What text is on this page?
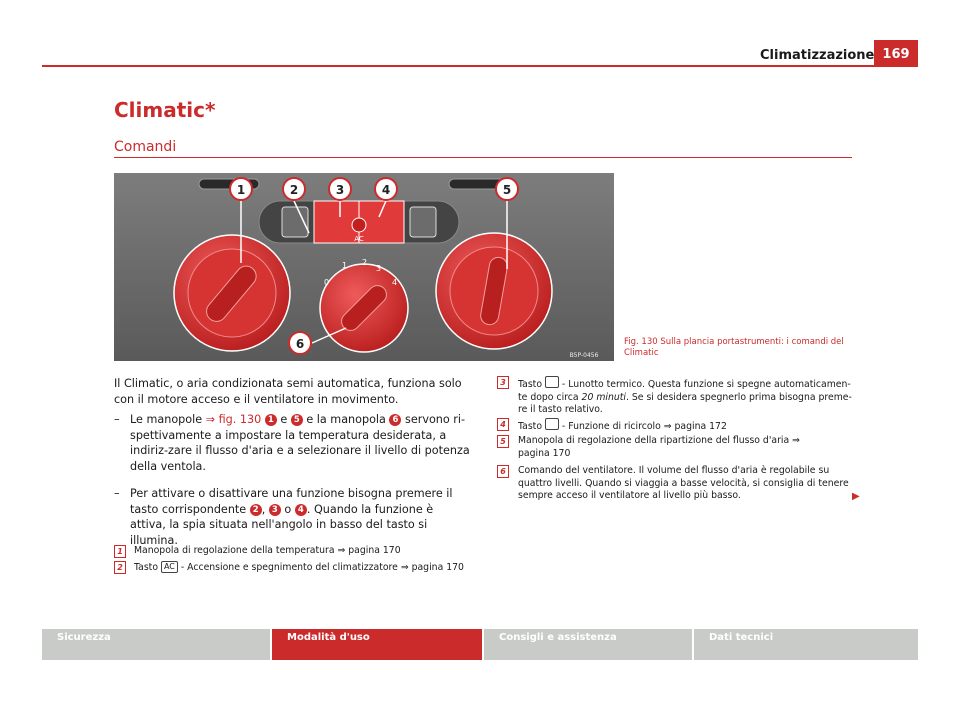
Climatizzazione 169
Climatic*
Comandi
AC
0
1 2
3
4
1	2	3	4	5
6
B5P-0456
Fig. 130 Sulla plancia portastrumenti: i comandi del Climatic
Il Climatic, o aria condizionata semi automatica, funziona solo con il motore acceso e il ventilatore in movimento.
– Le manopole ⇒ fig. 130 1 e 5 e la manopola 6 servono ri-spettivamente a impostare la temperatura desiderata, a indiriz-zare il flusso d'aria e a selezionare il livello di potenza della ventola.
– Per attivare o disattivare una funzione bisogna premere il tasto corrispondente 2 , 3 o 4 . Quando la funzione è attiva, la spia situata nell'angolo in basso del tasto si illumina.
1	Manopola di regolazione della temperatura ⇒ pagina 170
2	Tasto AC - Accensione e spegnimento del climatizzatore ⇒ pagina 170
3	Tasto  - Lunotto termico. Questa funzione si spegne automaticamen-te dopo circa 20 minuti. Se si desidera spegnerlo prima bisogna preme-re il tasto relativo.
4	Tasto  - Funzione di ricircolo ⇒ pagina 172
5	Manopola di regolazione della ripartizione del flusso d'aria ⇒ pagina 170
6	Comando del ventilatore. Il volume del flusso d'aria è regolabile su quattro livelli. Quando si viaggia a basse velocità, si consiglia di tenere sempre acceso il ventilatore al livello più basso.	▶
Sicurezza	Modalità d'uso	Consigli e assistenza	Dati tecnici
